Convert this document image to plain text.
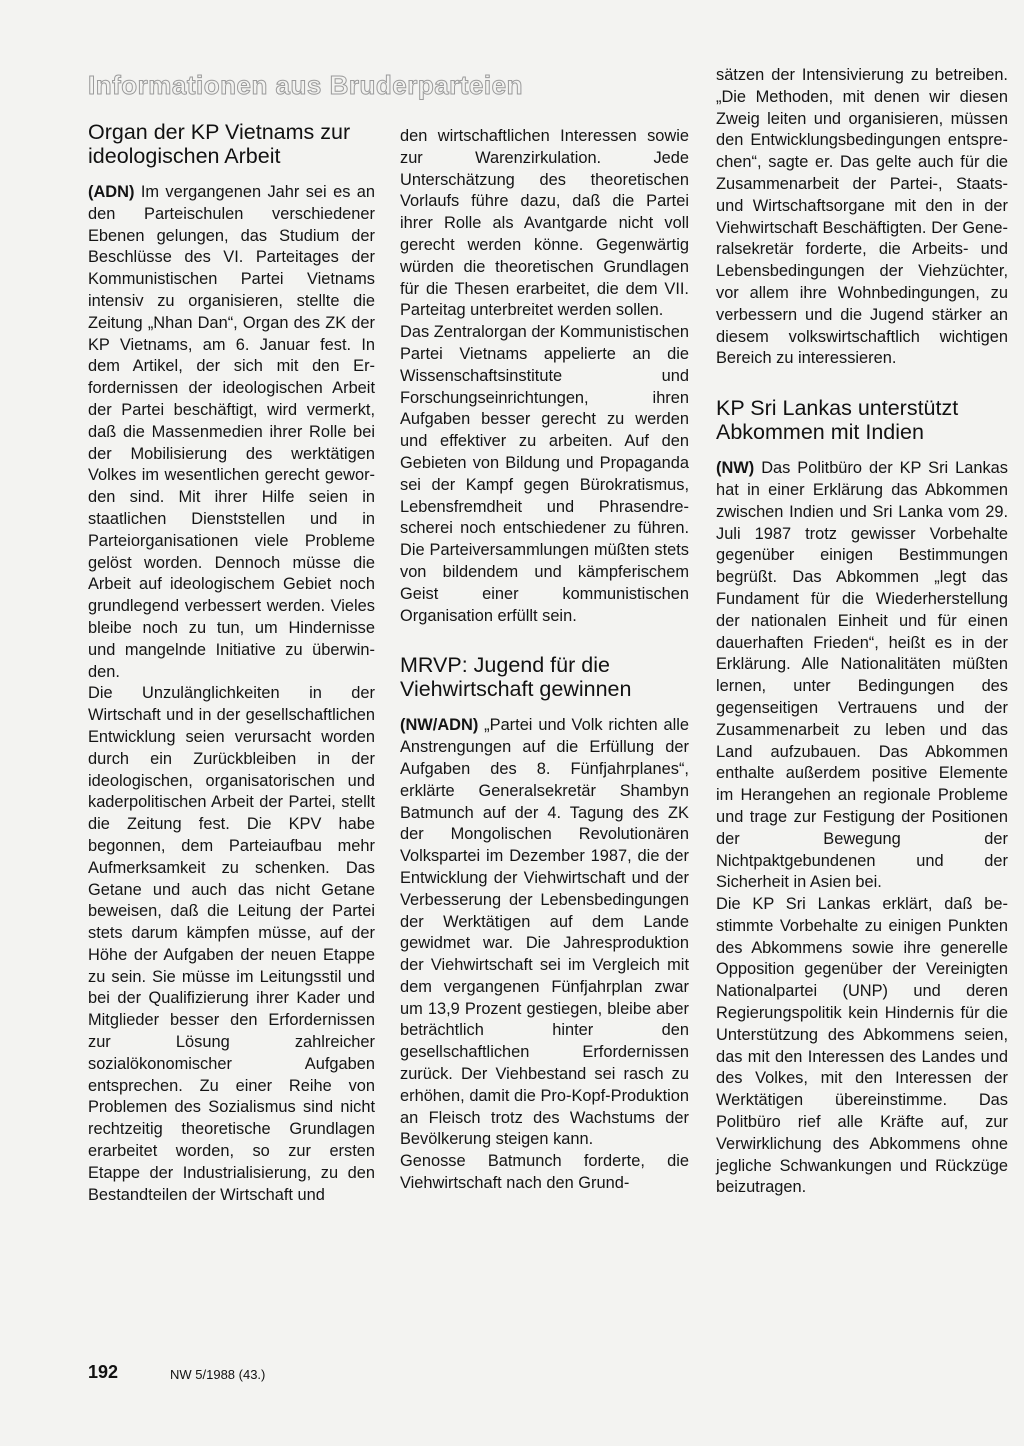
Informationen aus Bruderparteien
Organ der KP Vietnams zur ideologischen Arbeit

(ADN) Im vergangenen Jahr sei es an den Parteischulen verschiedener Ebenen gelungen, das Studium der Beschlüsse des VI. Parteitages der Kommunistischen Partei Vietnams intensiv zu organisieren, stellte die Zeitung „Nhan Dan“, Organ des ZK der KP Vietnams, am 6. Januar fest. In dem Artikel, der sich mit den Erfordernissen der ideologischen Arbeit der Partei beschäftigt, wird vermerkt, daß die Massenmedien ihrer Rolle bei der Mobilisierung des werktätigen Volkes im wesentlichen gerecht geworden sind. Mit ihrer Hilfe seien in staatlichen Dienststellen und in Parteiorganisationen viele Probleme gelöst worden. Dennoch müsse die Arbeit auf ideologischem Gebiet noch grundlegend verbessert werden. Vieles bleibe noch zu tun, um Hindernisse und mangelnde Initiative zu überwinden.

Die Unzulänglichkeiten in der Wirtschaft und in der gesellschaftlichen Entwicklung seien verursacht worden durch ein Zurückbleiben in der ideologischen, organisatorischen und kaderpolitischen Arbeit der Partei, stellt die Zeitung fest. Die KPV habe begonnen, dem Parteiaufbau mehr Aufmerksamkeit zu schenken. Das Getane und auch das nicht Getane beweisen, daß die Leitung der Partei stets darum kämpfen müsse, auf der Höhe der Aufgaben der neuen Etappe zu sein. Sie müsse im Leitungsstil und bei der Qualifizierung ihrer Kader und Mitglieder besser den Erfordernissen zur Lösung zahlreicher sozialökonomischer Aufgaben entsprechen. Zu einer Reihe von Problemen des Sozialismus sind nicht rechtzeitig theoretische Grundlagen erarbeitet worden, so zur ersten Etappe der Industrialisierung, zu den Bestandteilen der Wirtschaft und

den wirtschaftlichen Interessen sowie zur Warenzirkulation. Jede Unterschätzung des theoretischen Vorlaufs führe dazu, daß die Partei ihrer Rolle als Avantgarde nicht voll gerecht werden könne. Gegenwärtig würden die theoretischen Grundlagen für die Thesen erarbeitet, die dem VII. Parteitag unterbreitet werden sollen.

Das Zentralorgan der Kommunistischen Partei Vietnams appelierte an die Wissenschaftsinstitute und Forschungseinrichtungen, ihren Aufgaben besser gerecht zu werden und effektiver zu arbeiten. Auf den Gebieten von Bildung und Propaganda sei der Kampf gegen Bürokratismus, Lebensfremdheit und Phrasendrescherei noch entschiedener zu führen. Die Parteiversammlungen müßten stets von bildendem und kämpferischem Geist einer kommunistischen Organisation erfüllt sein.

MRVP: Jugend für die Viehwirtschaft gewinnen

(NW/ADN) „Partei und Volk richten alle Anstrengungen auf die Erfüllung der Aufgaben des 8. Fünfjahrplanes“, erklärte Generalsekretär Shambyn Batmunch auf der 4. Tagung des ZK der Mongolischen Revolutionären Volkspartei im Dezember 1987, die der Entwicklung der Viehwirtschaft und der Verbesserung der Lebensbedingungen der Werktätigen auf dem Lande gewidmet war. Die Jahresproduktion der Viehwirtschaft sei im Vergleich mit dem vergangenen Fünfjahrplan zwar um 13,9 Prozent gestiegen, bleibe aber beträchtlich hinter den gesellschaftlichen Erfordernissen zurück. Der Viehbestand sei rasch zu erhöhen, damit die Pro-Kopf-Produktion an Fleisch trotz des Wachstums der Bevölkerung steigen kann.

Genosse Batmunch forderte, die Viehwirtschaft nach den Grund-

sätzen der Intensivierung zu betreiben. „Die Methoden, mit denen wir diesen Zweig leiten und organisieren, müssen den Entwicklungsbedingungen entsprechen“, sagte er. Das gelte auch für die Zusammenarbeit der Partei-, Staats- und Wirtschaftsorgane mit den in der Viehwirtschaft Beschäftigten. Der Generalsekretär forderte, die Arbeits- und Lebensbedingungen der Viehzüchter, vor allem ihre Wohnbedingungen, zu verbessern und die Jugend stärker an diesem volkswirtschaftlich wichtigen Bereich zu interessieren.

KP Sri Lankas unterstützt Abkommen mit Indien

(NW) Das Politbüro der KP Sri Lankas hat in einer Erklärung das Abkommen zwischen Indien und Sri Lanka vom 29. Juli 1987 trotz gewisser Vorbehalte gegenüber einigen Bestimmungen begrüßt. Das Abkommen „legt das Fundament für die Wiederherstellung der nationalen Einheit und für einen dauerhaften Frieden“, heißt es in der Erklärung. Alle Nationalitäten müßten lernen, unter Bedingungen des gegenseitigen Vertrauens und der Zusammenarbeit zu leben und das Land aufzubauen. Das Abkommen enthalte außerdem positive Elemente im Herangehen an regionale Probleme und trage zur Festigung der Positionen der Bewegung der Nichtpaktgebundenen und der Sicherheit in Asien bei.

Die KP Sri Lankas erklärt, daß bestimmte Vorbehalte zu einigen Punkten des Abkommens sowie ihre generelle Opposition gegenüber der Vereinigten Nationalpartei (UNP) und deren Regierungspolitik kein Hindernis für die Unterstützung des Abkommens seien, das mit den Interessen des Landes und des Volkes, mit den Interessen der Werktätigen übereinstimme. Das Politbüro rief alle Kräfte auf, zur Verwirklichung des Abkommens ohne jegliche Schwankungen und Rückzüge beizutragen.

192	NW 5/1988 (43.)
